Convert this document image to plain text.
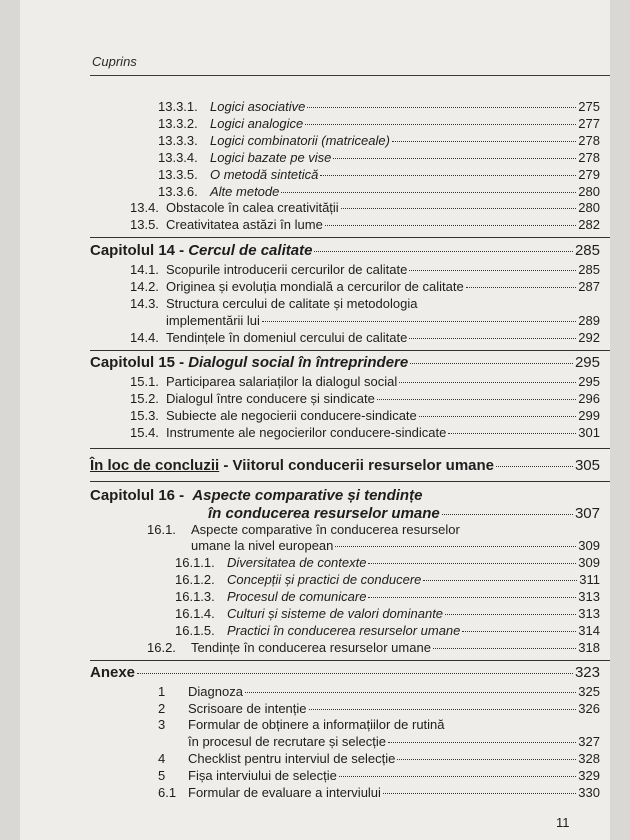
Cuprins
13.3.1. Logici asociative	275
13.3.2. Logici analogice	277
13.3.3. Logici combinatorii (matriceale)	278
13.3.4. Logici bazate pe vise	278
13.3.5. O metodă sintetică	279
13.3.6. Alte metode	280
13.4. Obstacole în calea creativității	280
13.5. Creativitatea astăzi în lume	282
Capitolul 14 - Cercul de calitate	285
14.1. Scopurile introducerii cercurilor de calitate	285
14.2. Originea și evoluția mondială a cercurilor de calitate	287
14.3. Structura cercului de calitate și metodologia
implementării lui	289
14.4. Tendințele în domeniul cercului de calitate	292
Capitolul 15 - Dialogul social în întreprindere	295
15.1. Participarea salariaților la dialogul social	295
15.2. Dialogul între conducere și sindicate	296
15.3. Subiecte ale negocierii conducere-sindicate	299
15.4. Instrumente ale negocierilor conducere-sindicate	301
În loc de concluzii - Viitorul conducerii resurselor umane	305
Capitolul 16 - Aspecte comparative și tendințe
în conducerea resurselor umane	307
16.1. Aspecte comparative în conducerea resurselor
umane la nivel european	309
16.1.1. Diversitatea de contexte	309
16.1.2. Concepții și practici de conducere	311
16.1.3. Procesul de comunicare	313
16.1.4. Culturi și sisteme de valori dominante	313
16.1.5. Practici în conducerea resurselor umane	314
16.2.	Tendințe în conducerea resurselor umane	318
Anexe	323
1	Diagnoza	325
2	Scrisoare de intenție	326
3 Formular de obținere a informațiilor de rutină
în procesul de recrutare și selecție	327
4	Checklist pentru interviul de selecție	328
5	Fișa interviului de selecție	329
6.1 Formular de evaluare a interviului	330
11
